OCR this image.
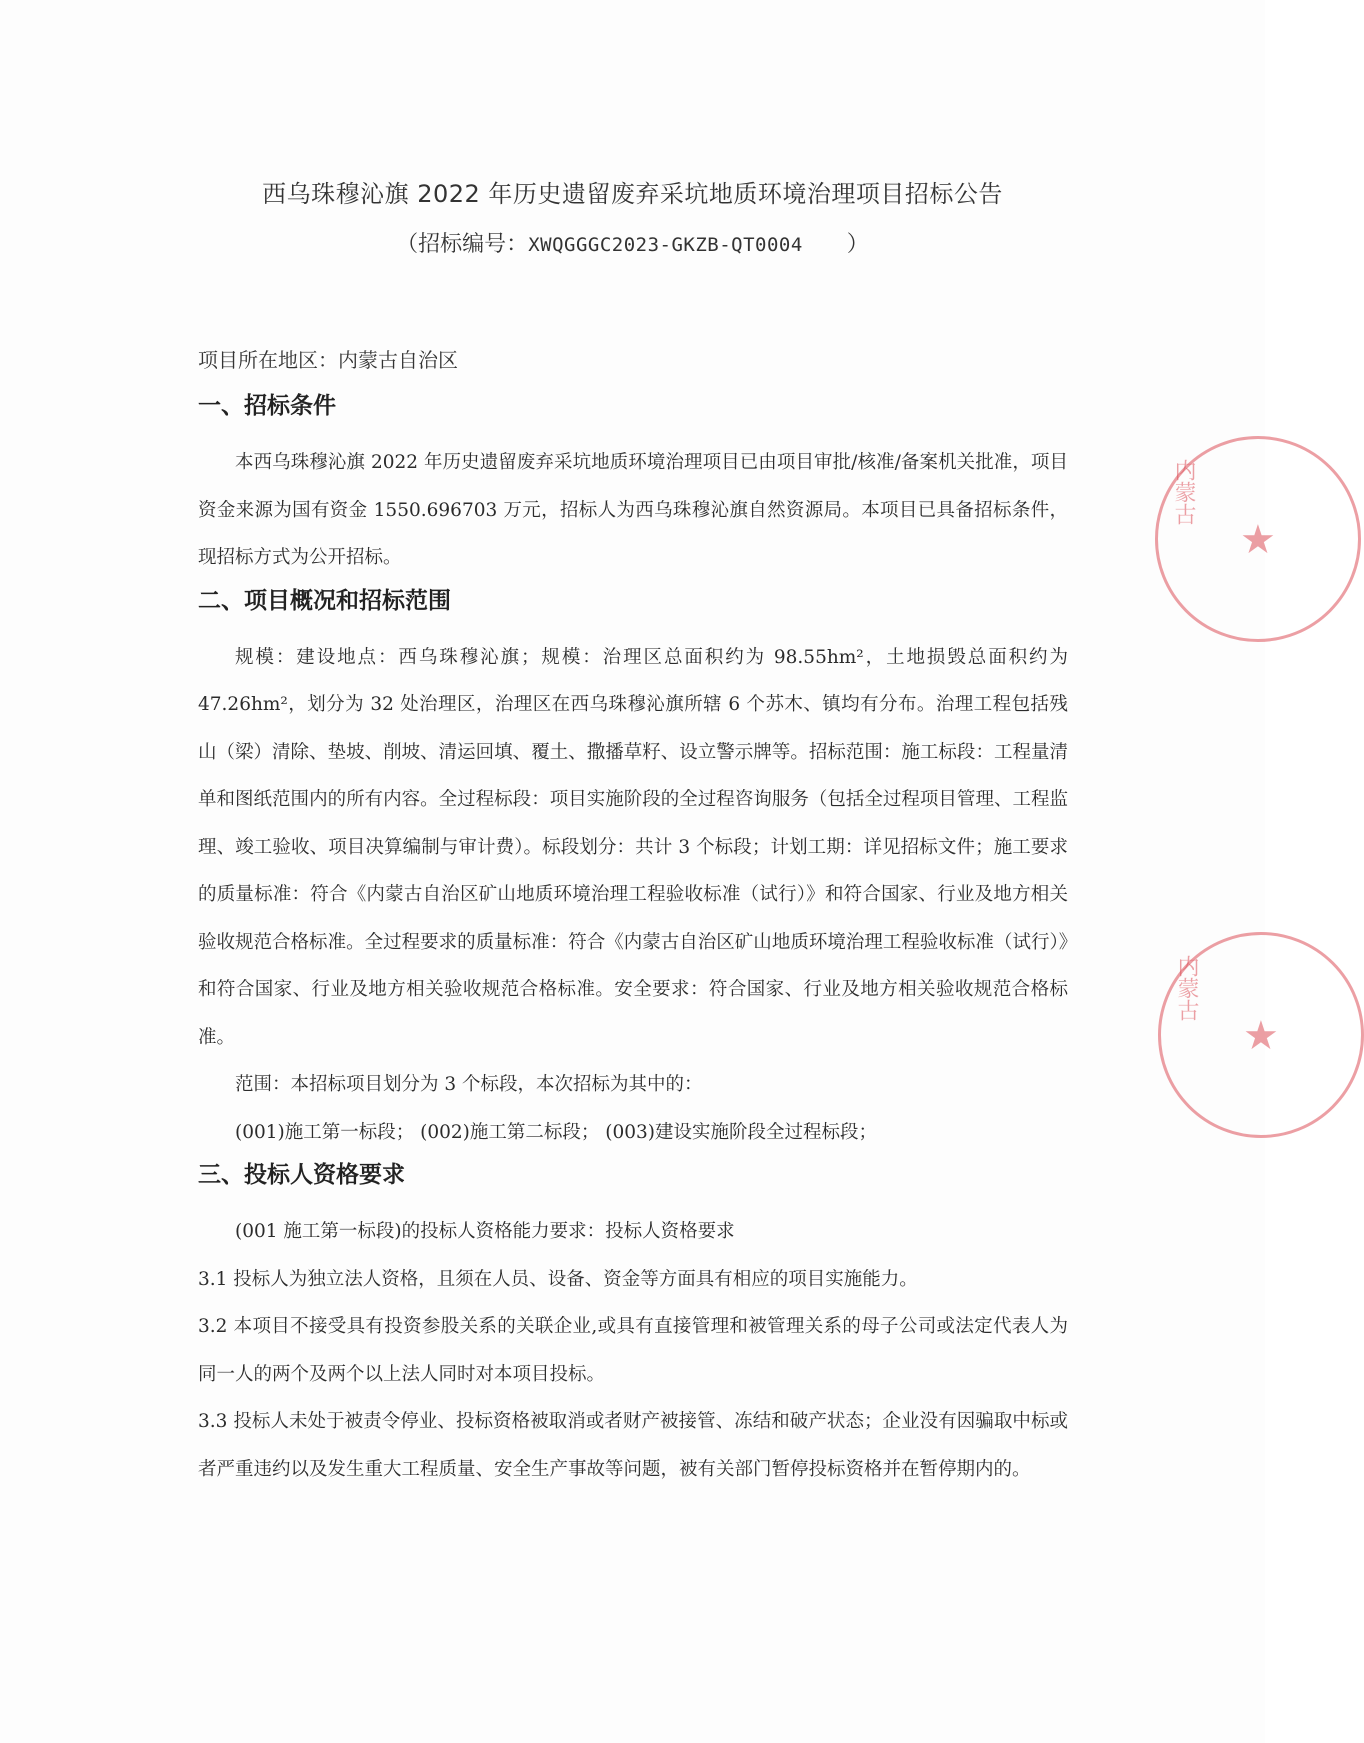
西乌珠穆沁旗 2022 年历史遗留废弃采坑地质环境治理项目招标公告
（招标编号：XWQGGGC2023-GKZB-QT0004 ）
项目所在地区：内蒙古自治区
一、招标条件

本西乌珠穆沁旗 2022 年历史遗留废弃采坑地质环境治理项目已由项目审批/核准/备案机关批准，项目资金来源为国有资金 1550.696703 万元，招标人为西乌珠穆沁旗自然资源局。本项目已具备招标条件，现招标方式为公开招标。

二、项目概况和招标范围

规模：建设地点：西乌珠穆沁旗；规模：治理区总面积约为 98.55hm²，土地损毁总面积约为 47.26hm²，划分为 32 处治理区，治理区在西乌珠穆沁旗所辖 6 个苏木、镇均有分布。治理工程包括残山（梁）清除、垫坡、削坡、清运回填、覆土、撒播草籽、设立警示牌等。招标范围：施工标段：工程量清单和图纸范围内的所有内容。全过程标段：项目实施阶段的全过程咨询服务（包括全过程项目管理、工程监理、竣工验收、项目决算编制与审计费）。标段划分：共计 3 个标段；计划工期：详见招标文件；施工要求的质量标准：符合《内蒙古自治区矿山地质环境治理工程验收标准（试行）》和符合国家、行业及地方相关验收规范合格标准。全过程要求的质量标准：符合《内蒙古自治区矿山地质环境治理工程验收标准（试行）》和符合国家、行业及地方相关验收规范合格标准。安全要求：符合国家、行业及地方相关验收规范合格标准。

范围：本招标项目划分为 3 个标段，本次招标为其中的：

(001)施工第一标段； (002)施工第二标段； (003)建设实施阶段全过程标段；

三、投标人资格要求

(001 施工第一标段)的投标人资格能力要求：投标人资格要求

3.1 投标人为独立法人资格，且须在人员、设备、资金等方面具有相应的项目实施能力。

3.2 本项目不接受具有投资参股关系的关联企业,或具有直接管理和被管理关系的母子公司或法定代表人为同一人的两个及两个以上法人同时对本项目投标。

3.3 投标人未处于被责令停业、投标资格被取消或者财产被接管、冻结和破产状态；企业没有因骗取中标或者严重违约以及发生重大工程质量、安全生产事故等问题，被有关部门暂停投标资格并在暂停期内的。

内蒙古
★
内蒙古
★
